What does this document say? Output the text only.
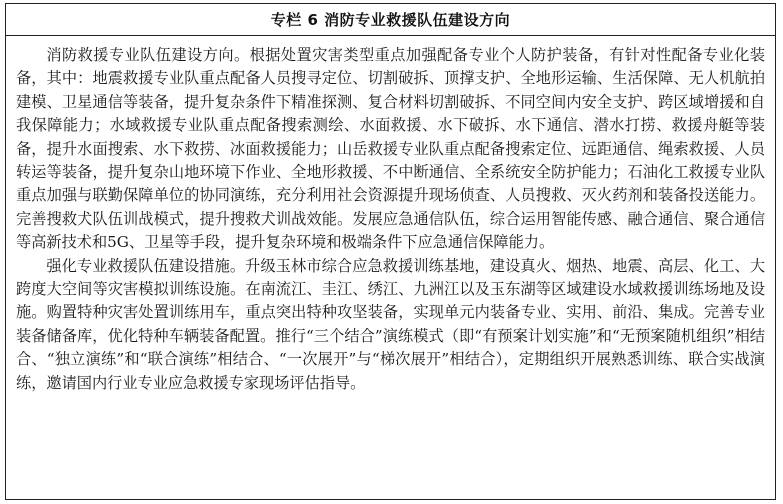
专栏 6 消防专业救援队伍建设方向

消防救援专业队伍建设方向。根据处置灾害类型重点加强配备专业个人防护装备，有针对性配备专业化装备，其中：地震救援专业队重点配备人员搜寻定位、切割破拆、顶撑支护、全地形运输、生活保障、无人机航拍建模、卫星通信等装备，提升复杂条件下精准探测、复合材料切割破拆、不同空间内安全支护、跨区域增援和自我保障能力；水域救援专业队重点配备搜索测绘、水面救援、水下破拆、水下通信、潜水打捞、救援舟艇等装备，提升水面搜索、水下救捞、冰面救援能力；山岳救援专业队重点配备搜索定位、远距通信、绳索救援、人员转运等装备，提升复杂山地环境下作业、全地形救援、不中断通信、全系统安全防护能力；石油化工救援专业队重点加强与联勤保障单位的协同演练，充分利用社会资源提升现场侦查、人员搜救、灭火药剂和装备投送能力。完善搜救犬队伍训战模式，提升搜救犬训战效能。发展应急通信队伍，综合运用智能传感、融合通信、聚合通信等高新技术和5G、卫星等手段，提升复杂环境和极端条件下应急通信保障能力。

强化专业救援队伍建设措施。升级玉林市综合应急救援训练基地，建设真火、烟热、地震、高层、化工、大跨度大空间等灾害模拟训练设施。在南流江、圭江、绣江、九洲江以及玉东湖等区域建设水域救援训练场地及设施。购置特种灾害处置训练用车，重点突出特种攻坚装备，实现单元内装备专业、实用、前沿、集成。完善专业装备储备库，优化特种车辆装备配置。推行“三个结合”演练模式（即“有预案计划实施”和“无预案随机组织”相结合、“独立演练”和“联合演练”相结合、“一次展开”与“梯次展开”相结合），定期组织开展熟悉训练、联合实战演练，邀请国内行业专业应急救援专家现场评估指导。
